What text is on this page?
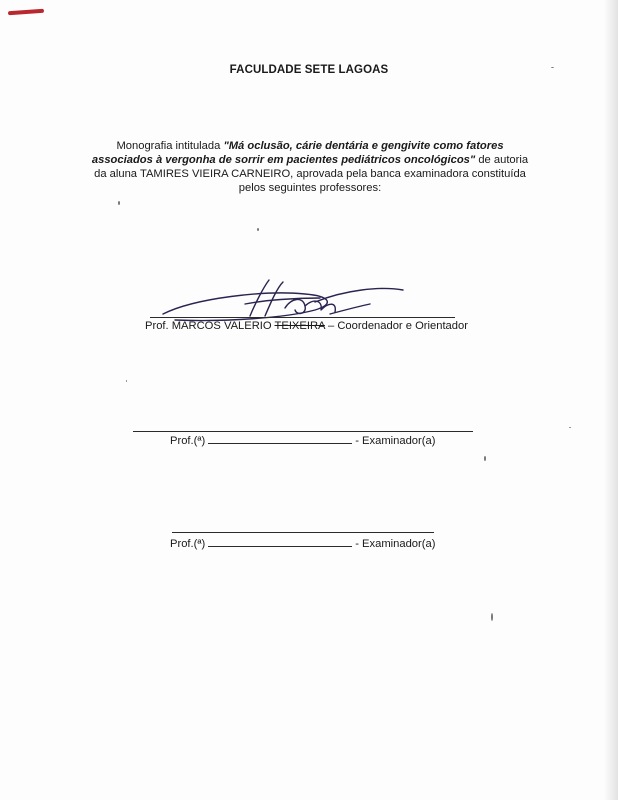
FACULDADE SETE LAGOAS
Monografia intitulada "Má oclusão, cárie dentária e gengivite como fatores associados à vergonha de sorrir em pacientes pediátricos oncológicos" de autoria da aluna TAMIRES VIEIRA CARNEIRO, aprovada pela banca examinadora constituída pelos seguintes professores:
Prof. MARCOS VALERIO TEIXEIRA – Coordenador e Orientador
Prof.(ª)	- Examinador(a)
Prof.(ª)	- Examinador(a)
